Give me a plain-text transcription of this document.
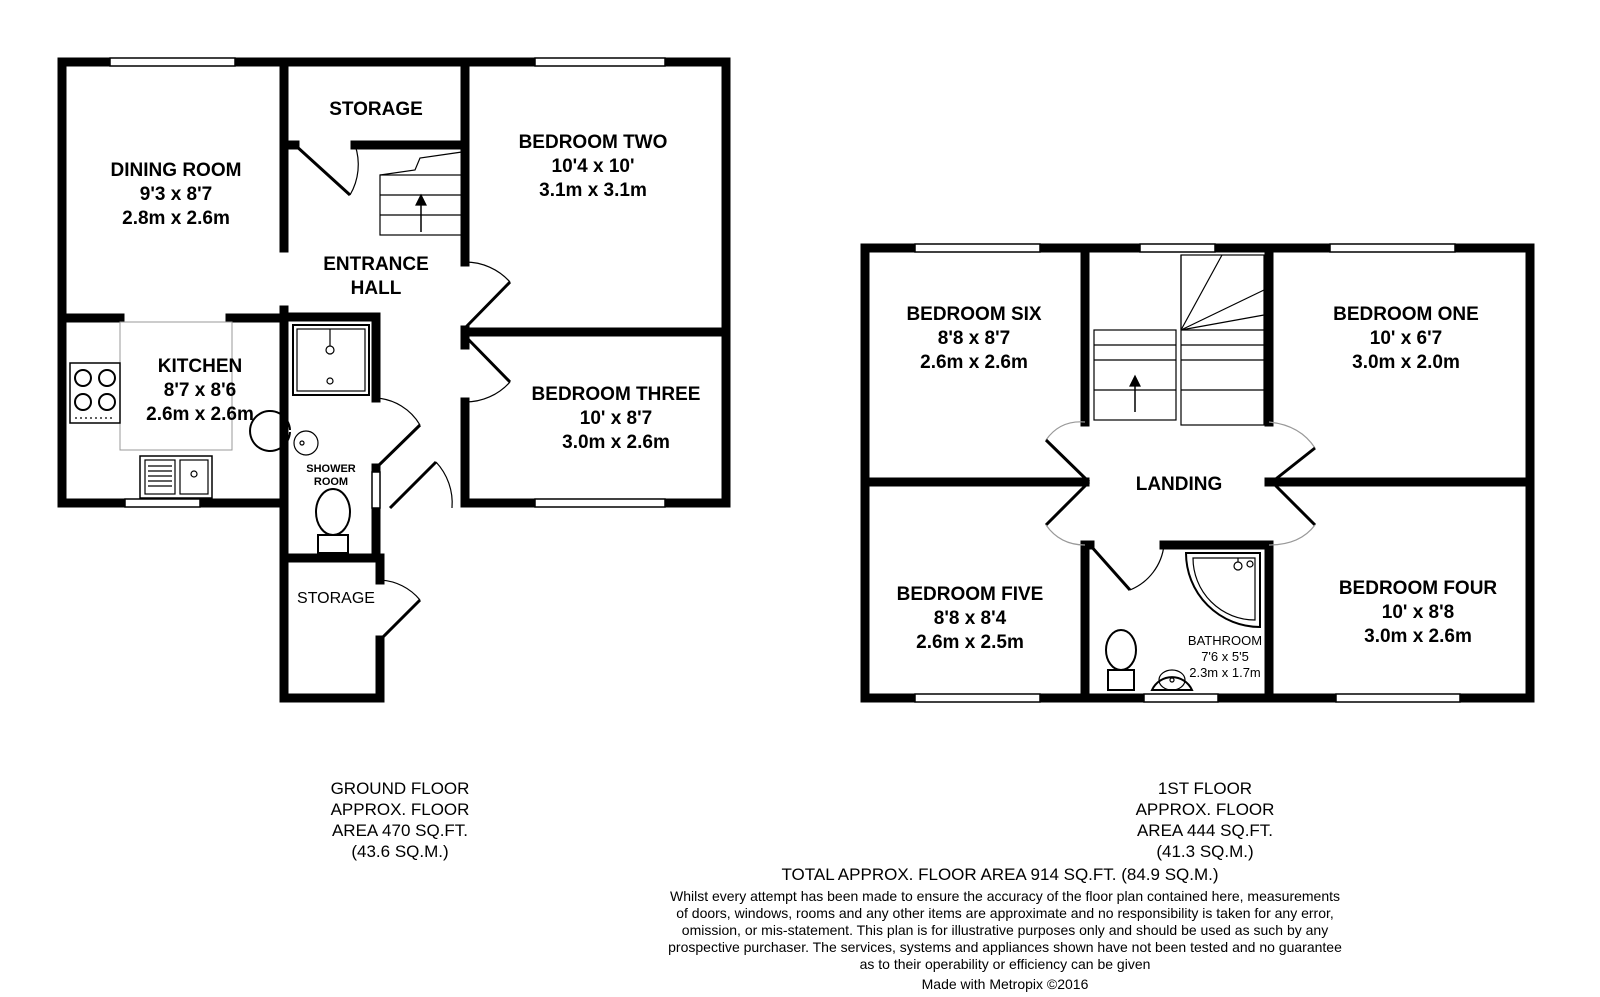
DINING ROOM
9'3 x 8'7
2.8m x 2.6m
STORAGE
BEDROOM TWO
10'4 x 10'
3.1m x 3.1m
ENTRANCE
HALL
KITCHEN
8'7 x 8'6
2.6m x 2.6m
BEDROOM THREE
10' x 8'7
3.0m x 2.6m
SHOWER
ROOM
STORAGE
BEDROOM SIX
8'8 x 8'7
2.6m x 2.6m
BEDROOM ONE
10' x 6'7
3.0m x 2.0m
LANDING
BEDROOM FIVE
8'8 x 8'4
2.6m x 2.5m	BATHROOM
7'6 x 5'5
2.3m x 1.7m
BEDROOM FOUR
10' x 8'8
3.0m x 2.6m
GROUND FLOOR
APPROX. FLOOR
AREA 470 SQ.FT.
(43.6 SQ.M.)
1ST FLOOR
APPROX. FLOOR
AREA 444 SQ.FT.
(41.3 SQ.M.)
TOTAL APPROX. FLOOR AREA 914 SQ.FT. (84.9 SQ.M.)
Whilst every attempt has been made to ensure the accuracy of the floor plan contained here, measurements
of doors, windows, rooms and any other items are approximate and no responsibility is taken for any error,
omission, or mis-statement. This plan is for illustrative purposes only and should be used as such by any
prospective purchaser. The services, systems and appliances shown have not been tested and no guarantee
as to their operability or efficiency can be given
Made with Metropix ©2016
